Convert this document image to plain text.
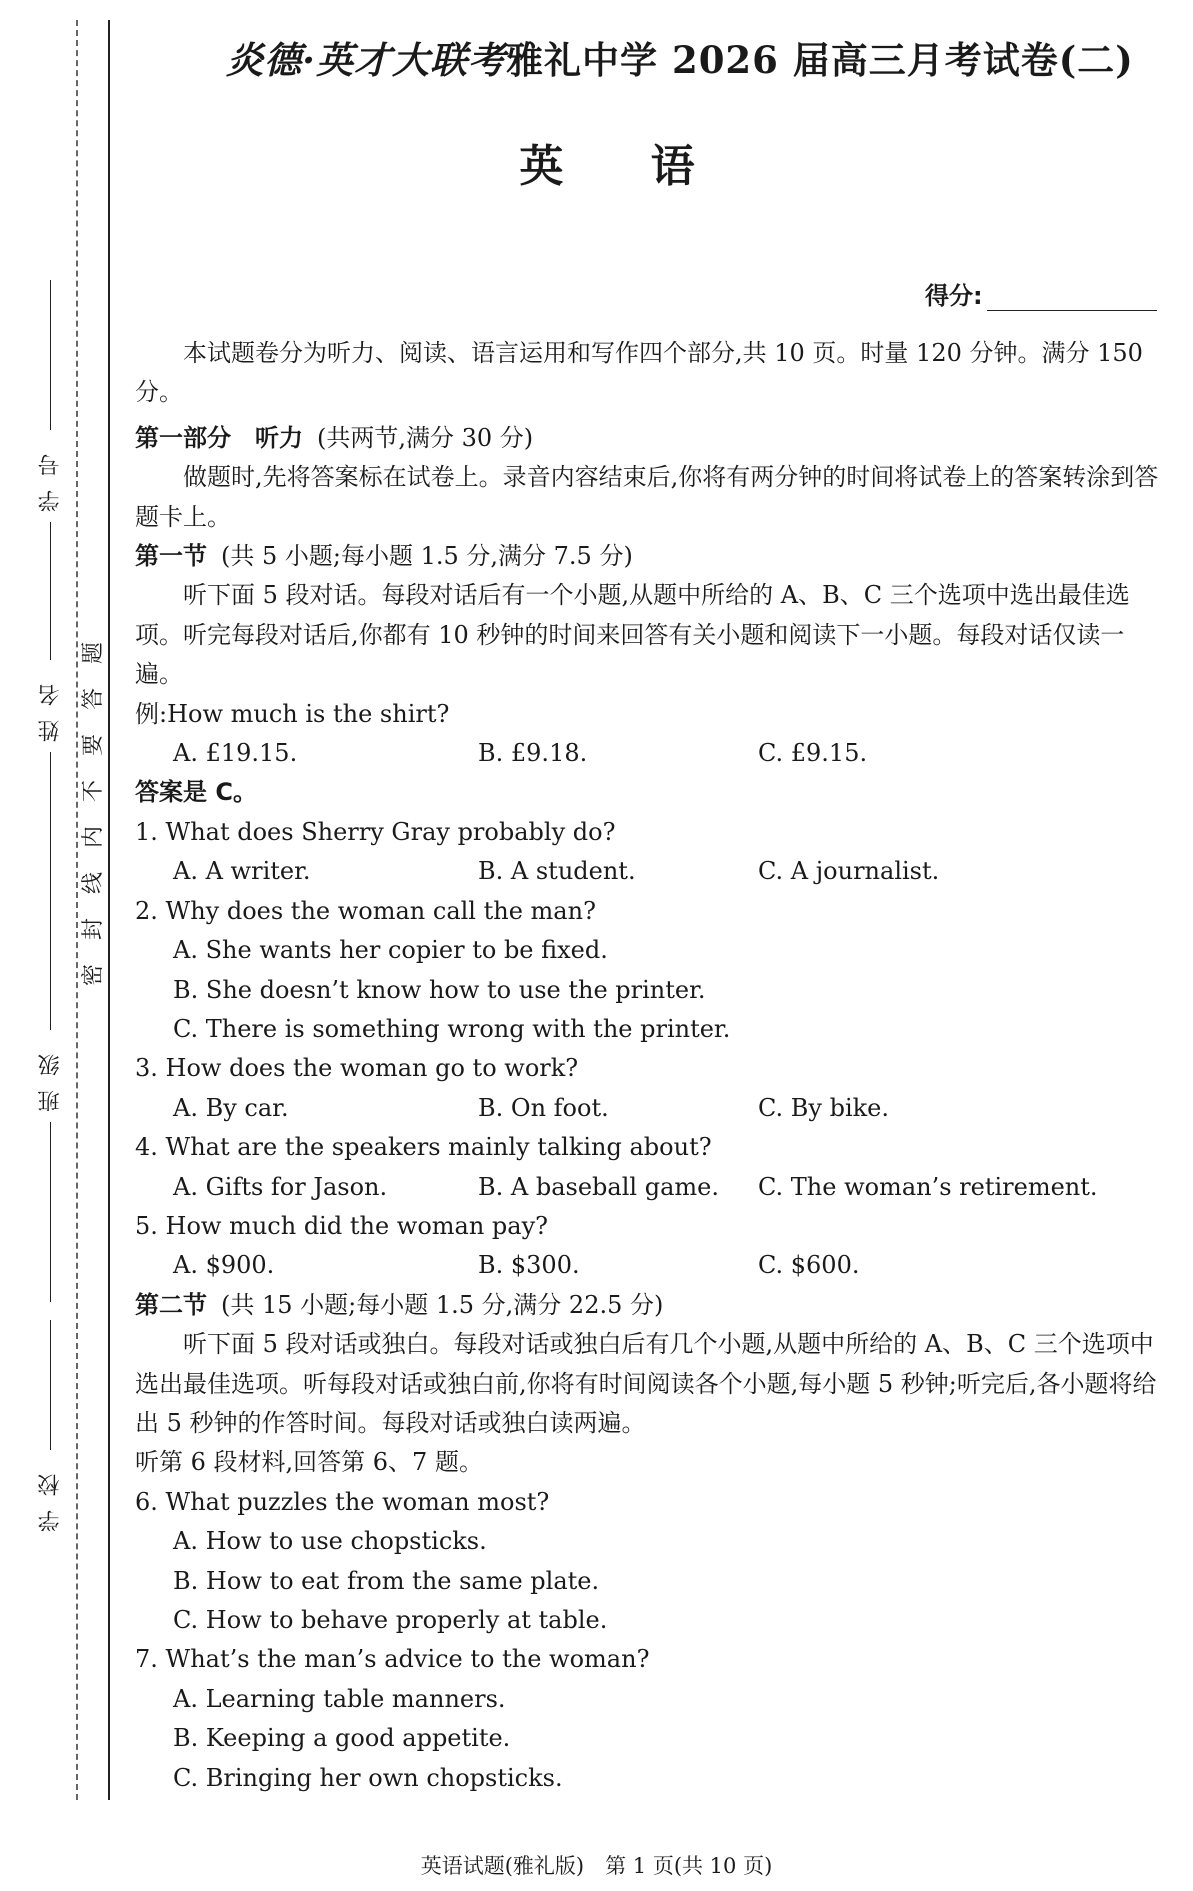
学号
姓名
班级
学校
题
答
要
不
内
线
封
密
炎德·英才大联考雅礼中学 2026 届高三月考试卷(二)
英 语
得分:

本试题卷分为听力、阅读、语言运用和写作四个部分,共 10 页。时量 120 分钟。满分 150 分。

第一部分　听力 (共两节,满分 30 分)

做题时,先将答案标在试卷上。录音内容结束后,你将有两分钟的时间将试卷上的答案转涂到答题卡上。

第一节 (共 5 小题;每小题 1.5 分,满分 7.5 分)

听下面 5 段对话。每段对话后有一个小题,从题中所给的 A、B、C 三个选项中选出最佳选项。听完每段对话后,你都有 10 秒钟的时间来回答有关小题和阅读下一小题。每段对话仅读一遍。

例:How much is the shirt?

A. £19.15.	B. £9.18.	C. £9.15.

答案是 C。

1. What does Sherry Gray probably do?

A. A writer.	B. A student.	C. A journalist.

2. Why does the woman call the man?

A. She wants her copier to be fixed.

B. She doesn’t know how to use the printer.

C. There is something wrong with the printer.

3. How does the woman go to work?

A. By car.	B. On foot.	C. By bike.

4. What are the speakers mainly talking about?

A. Gifts for Jason.	B. A baseball game.	C. The woman’s retirement.

5. How much did the woman pay?

A. $900.	B. $300.	C. $600.

第二节 (共 15 小题;每小题 1.5 分,满分 22.5 分)

听下面 5 段对话或独白。每段对话或独白后有几个小题,从题中所给的 A、B、C 三个选项中选出最佳选项。听每段对话或独白前,你将有时间阅读各个小题,每小题 5 秒钟;听完后,各小题将给出 5 秒钟的作答时间。每段对话或独白读两遍。

听第 6 段材料,回答第 6、7 题。

6. What puzzles the woman most?

A. How to use chopsticks.

B. How to eat from the same plate.

C. How to behave properly at table.

7. What’s the man’s advice to the woman?

A. Learning table manners.

B. Keeping a good appetite.

C. Bringing her own chopsticks.

英语试题(雅礼版)　第 1 页(共 10 页)
